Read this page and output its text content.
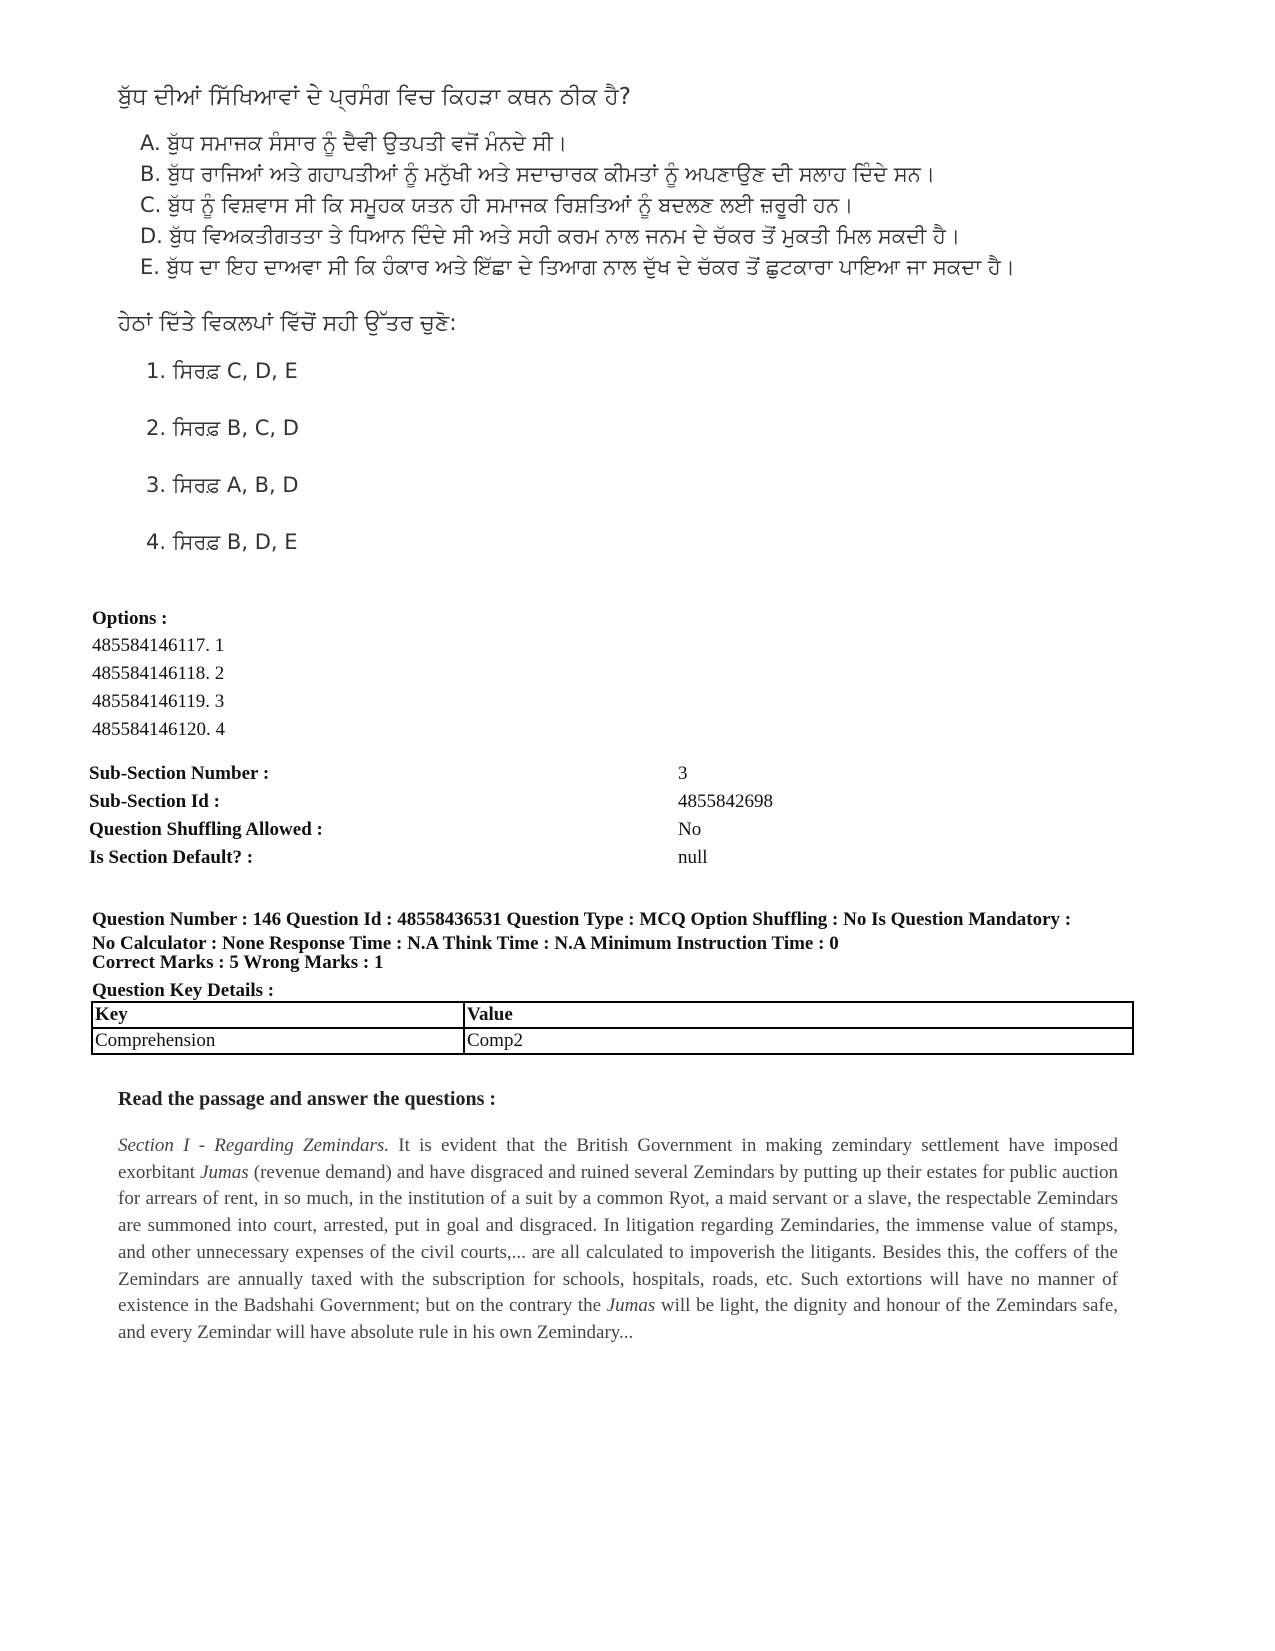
ਬੁੱਧ ਦੀਆਂ ਸਿੱਖਿਆਵਾਂ ਦੇ ਪ੍ਰਸੰਗ ਵਿਚ ਕਿਹੜਾ ਕਥਨ ਠੀਕ ਹੈ?
A. ਬੁੱਧ ਸਮਾਜਕ ਸੰਸਾਰ ਨੂੰ ਦੈਵੀ ਉਤਪਤੀ ਵਜੋਂ ਮੰਨਦੇ ਸੀ।
B. ਬੁੱਧ ਰਾਜਿਆਂ ਅਤੇ ਗਹਾਪਤੀਆਂ ਨੂੰ ਮਨੁੱਖੀ ਅਤੇ ਸਦਾਚਾਰਕ ਕੀਮਤਾਂ ਨੂੰ ਅਪਣਾਉਣ ਦੀ ਸਲਾਹ ਦਿੰਦੇ ਸਨ।
C. ਬੁੱਧ ਨੂੰ ਵਿਸ਼ਵਾਸ ਸੀ ਕਿ ਸਮੂਹਕ ਯਤਨ ਹੀ ਸਮਾਜਕ ਰਿਸ਼ਤਿਆਂ ਨੂੰ ਬਦਲਣ ਲਈ ਜ਼ਰੂਰੀ ਹਨ।
D. ਬੁੱਧ ਵਿਅਕਤੀਗਤਤਾ ਤੇ ਧਿਆਨ ਦਿੰਦੇ ਸੀ ਅਤੇ ਸਹੀ ਕਰਮ ਨਾਲ ਜਨਮ ਦੇ ਚੱਕਰ ਤੋਂ ਮੁਕਤੀ ਮਿਲ ਸਕਦੀ ਹੈ।
E. ਬੁੱਧ ਦਾ ਇਹ ਦਾਅਵਾ ਸੀ ਕਿ ਹੰਕਾਰ ਅਤੇ ਇੱਛਾ ਦੇ ਤਿਆਗ ਨਾਲ ਦੁੱਖ ਦੇ ਚੱਕਰ ਤੋਂ ਛੁਟਕਾਰਾ ਪਾਇਆ ਜਾ ਸਕਦਾ ਹੈ।
ਹੇਠਾਂ ਦਿੱਤੇ ਵਿਕਲਪਾਂ ਵਿੱਚੋਂ ਸਹੀ ਉੱਤਰ ਚੁਣੋ:
1. ਸਿਰਫ਼ C, D, E
2. ਸਿਰਫ਼ B, C, D
3. ਸਿਰਫ਼ A, B, D
4. ਸਿਰਫ਼ B, D, E
Options :
485584146117. 1
485584146118. 2
485584146119. 3
485584146120. 4
Sub-Section Number :	3
Sub-Section Id :	4855842698
Question Shuffling Allowed :	No
Is Section Default? :	null
Question Number : 146 Question Id : 48558436531 Question Type : MCQ Option Shuffling : No Is Question Mandatory :
No Calculator : None Response Time : N.A Think Time : N.A Minimum Instruction Time : 0
Correct Marks : 5 Wrong Marks : 1
Question Key Details :
Key	Value
Comprehension	Comp2
Read the passage and answer the questions :

Section I - Regarding Zemindars. It is evident that the British Government in making zemindary settlement have imposed exorbitant Jumas (revenue demand) and have disgraced and ruined several Zemindars by putting up their estates for public auction for arrears of rent, in so much, in the institution of a suit by a common Ryot, a maid servant or a slave, the respectable Zemindars are summoned into court, arrested, put in goal and disgraced. In litigation regarding Zemindaries, the immense value of stamps, and other unnecessary expenses of the civil courts,... are all calculated to impoverish the litigants. Besides this, the coffers of the Zemindars are annually taxed with the subscription for schools, hospitals, roads, etc. Such extortions will have no manner of existence in the Badshahi Government; but on the contrary the Jumas will be light, the dignity and honour of the Zemindars safe, and every Zemindar will have absolute rule in his own Zemindary...
